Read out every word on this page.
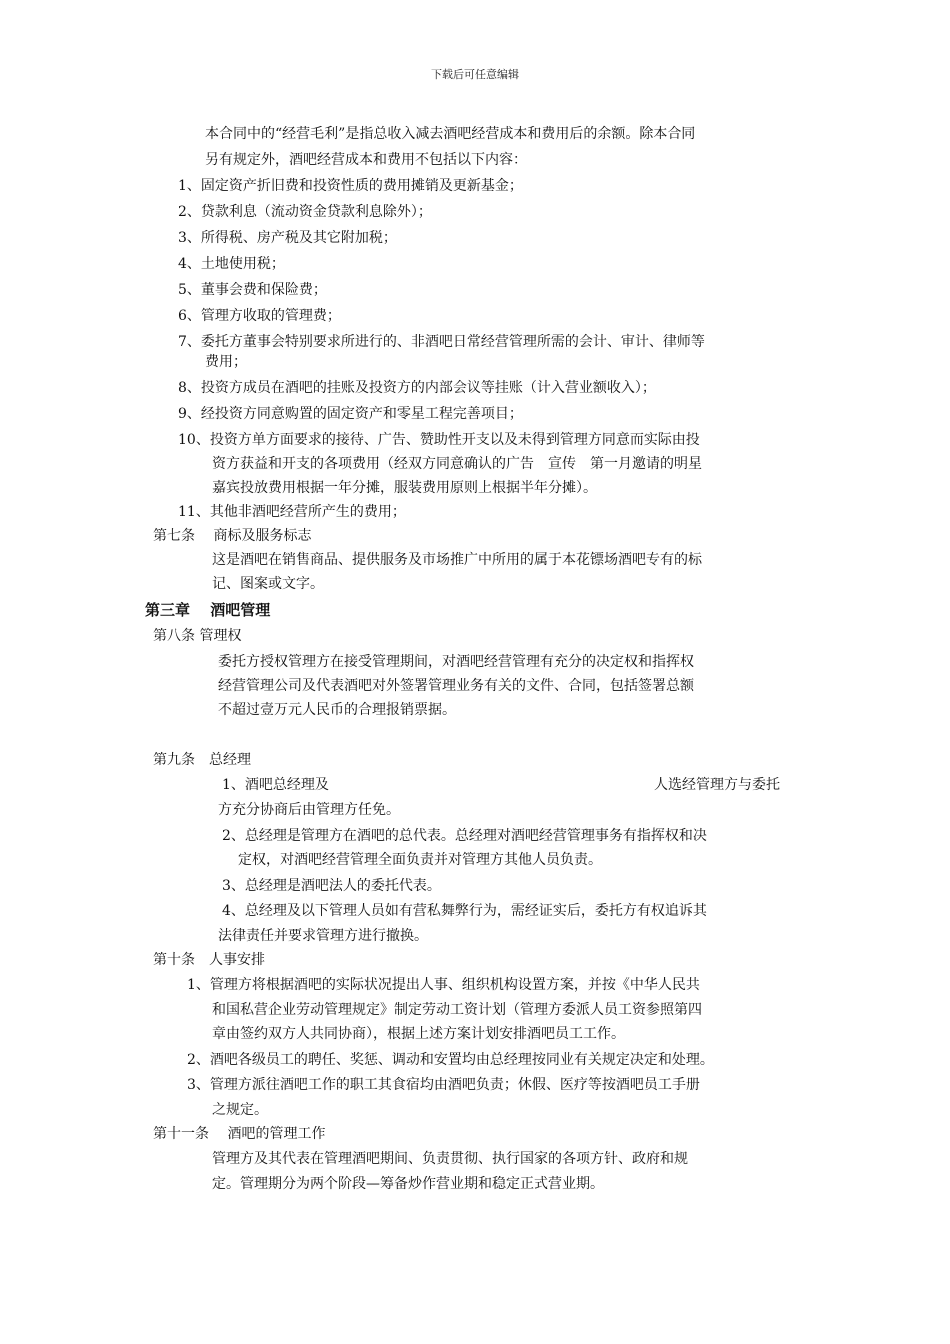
下载后可任意编辑
本合同中的“经营毛利”是指总收入减去酒吧经营成本和费用后的余额。除本合同
另有规定外，酒吧经营成本和费用不包括以下内容：
1、固定资产折旧费和投资性质的费用摊销及更新基金；
2、贷款利息（流动资金贷款利息除外）；
3、所得税、房产税及其它附加税；
4、土地使用税；
5、董事会费和保险费；
6、管理方收取的管理费；
7、委托方董事会特别要求所进行的、非酒吧日常经营管理所需的会计、审计、律师等
费用；
8、投资方成员在酒吧的挂账及投资方的内部会议等挂账（计入营业额收入）；
9、经投资方同意购置的固定资产和零星工程完善项目；
10、投资方单方面要求的接待、广告、赞助性开支以及未得到管理方同意而实际由投
资方获益和开支的各项费用（经双方同意确认的广告　宣传　第一月邀请的明星
嘉宾投放费用根据一年分摊，服装费用原则上根据半年分摊）。
11、其他非酒吧经营所产生的费用；
第七条　 商标及服务标志
这是酒吧在销售商品、提供服务及市场推广中所用的属于本花镖场酒吧专有的标
记、图案或文字。
第三章　 酒吧管理
第八条 管理权
委托方授权管理方在接受管理期间，对酒吧经营管理有充分的决定权和指挥权
经营管理公司及代表酒吧对外签署管理业务有关的文件、合同，包括签署总额
不超过壹万元人民币的合理报销票据。
第九条　总经理
1、酒吧总经理及	人选经管理方与委托
方充分协商后由管理方任免。
2、总经理是管理方在酒吧的总代表。总经理对酒吧经营管理事务有指挥权和决
定权，对酒吧经营管理全面负责并对管理方其他人员负责。
3、总经理是酒吧法人的委托代表。
4、总经理及以下管理人员如有营私舞弊行为，需经证实后，委托方有权追诉其
法律责任并要求管理方进行撤换。
第十条　人事安排
1、管理方将根据酒吧的实际状况提出人事、组织机构设置方案，并按《中华人民共
和国私营企业劳动管理规定》制定劳动工资计划（管理方委派人员工资参照第四
章由签约双方人共同协商），根据上述方案计划安排酒吧员工工作。
2、酒吧各级员工的聘任、奖惩、调动和安置均由总经理按同业有关规定决定和处理。
3、管理方派往酒吧工作的职工其食宿均由酒吧负责；休假、医疗等按酒吧员工手册
之规定。
第十一条　 酒吧的管理工作
管理方及其代表在管理酒吧期间、负责贯彻、执行国家的各项方针、政府和规
定。管理期分为两个阶段—筹备炒作营业期和稳定正式营业期。
